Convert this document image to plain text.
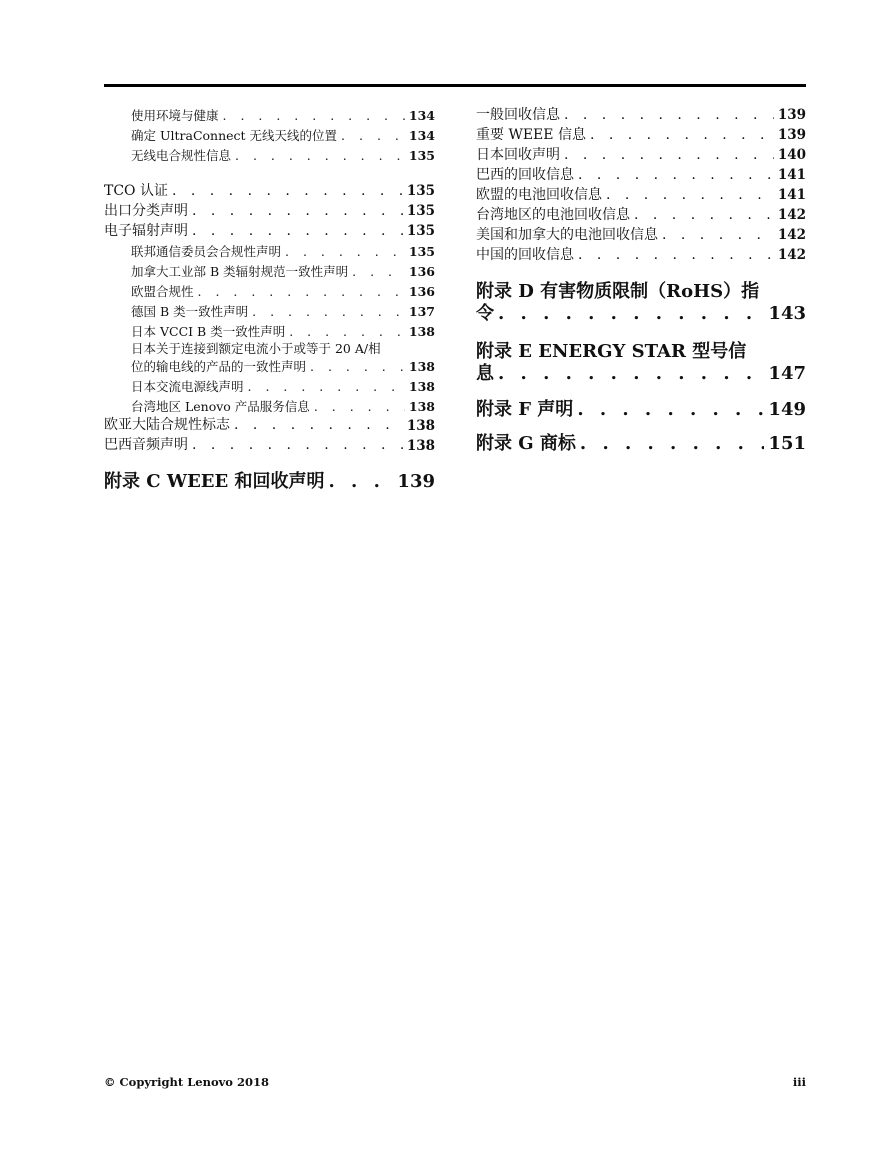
使用环境与健康 . . .	134
确定 UltraConnect 无线天线的位置 . . .	134
无线电合规性信息 . . .	135
TCO 认证 . . .	135
出口分类声明 . . .	135
电子辐射声明 . . .	135
联邦通信委员会合规性声明 . . .	135
加拿大工业部 B 类辐射规范一致性声明 . . .	136
欧盟合规性 . . .	136
德国 B 类一致性声明 . . .	137
日本 VCCI B 类一致性声明 . . .	138
日本关于连接到额定电流小于或等于 20 A/相
位的输电线的产品的一致性声明 . . .	138
日本交流电源线声明 . . .	138
台湾地区 Lenovo 产品服务信息 . . .	138
欧亚大陆合规性标志 . . .	138
巴西音频声明 . . .	138
附录 C WEEE 和回收声明 . . .	139
一般回收信息 . . .	139
重要 WEEE 信息 . . .	139
日本回收声明 . . .	140
巴西的回收信息 . . .	141
欧盟的电池回收信息 . . .	141
台湾地区的电池回收信息 . . .	142
美国和加拿大的电池回收信息 . . .	142
中国的回收信息 . . .	142
附录 D 有害物质限制（RoHS）指
令 . . .	143
附录 E ENERGY STAR 型号信
息 . . .	147
附录 F 声明 . . .	149
附录 G 商标 . . .	151
© Copyright Lenovo 2018	iii
